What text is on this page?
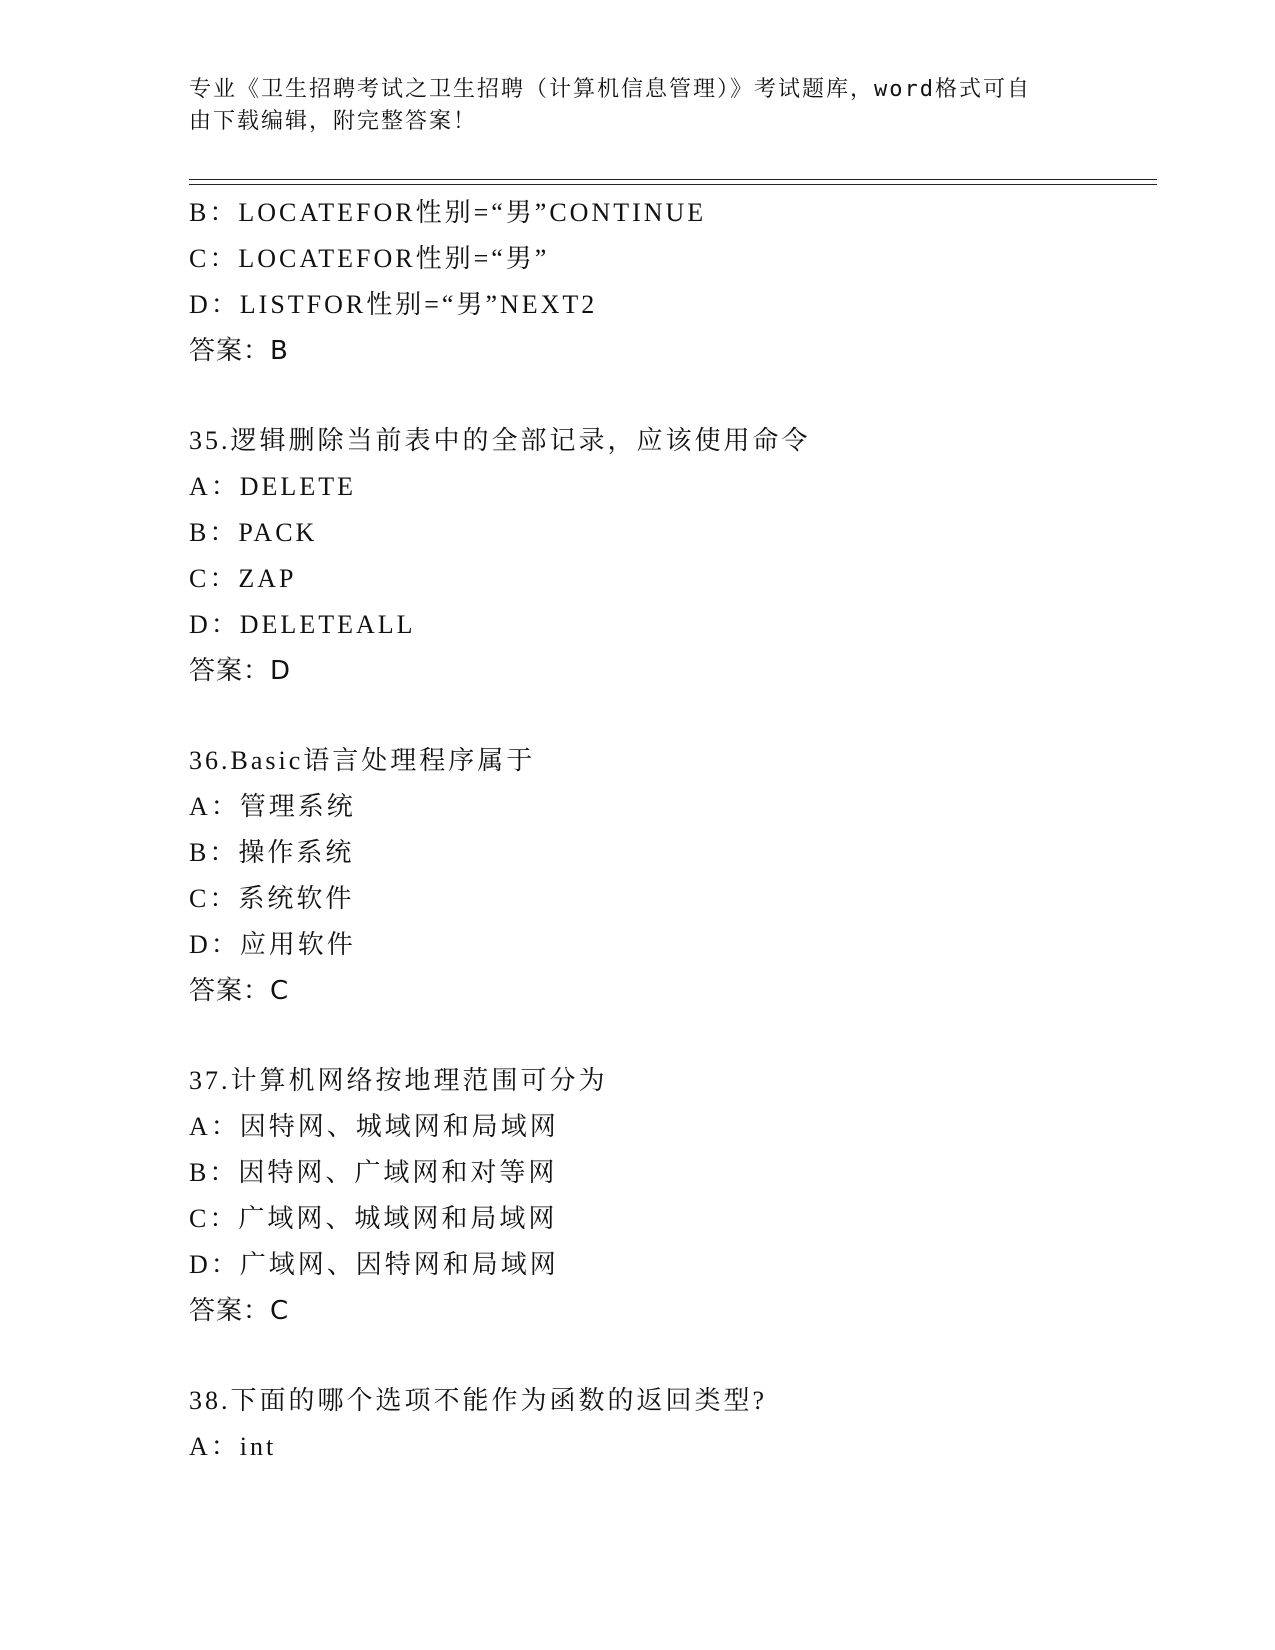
专业《卫生招聘考试之卫生招聘（计算机信息管理）》考试题库，word格式可自
由下载编辑，附完整答案！
B：LOCATEFOR性别=“男”CONTINUE
C：LOCATEFOR性别=“男”
D：LISTFOR性别=“男”NEXT2
答案：B
35.逻辑删除当前表中的全部记录，应该使用命令
A：DELETE
B：PACK
C：ZAP
D：DELETEALL
答案：D
36.Basic语言处理程序属于
A：管理系统
B：操作系统
C：系统软件
D：应用软件
答案：C
37.计算机网络按地理范围可分为
A：因特网、城域网和局域网
B：因特网、广域网和对等网
C：广域网、城域网和局域网
D：广域网、因特网和局域网
答案：C
38.下面的哪个选项不能作为函数的返回类型?
A：int
